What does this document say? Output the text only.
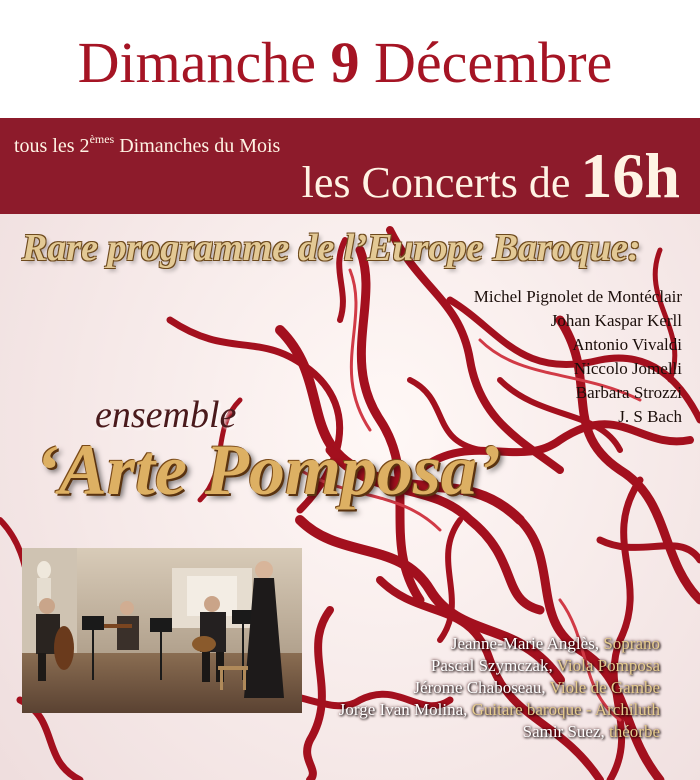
Dimanche 9 Décembre
tous les 2èmes Dimanches du Mois
les Concerts de 16h
Rare programme de l’Europe Baroque:
Michel Pignolet de Montéclair
Johan Kaspar Kerll
Antonio Vivaldi
Niccolo Jomelli
Barbara Strozzi
J. S Bach
ensemble
‘Arte Pomposa’
Jeanne-Marie Anglès, Soprano
Pascal Szymczak, Viola Pomposa
Jérome Chaboseau, Viole de Gambe
Jorge Ivan Molina, Guitare baroque - Archiluth
Samir Suez, théorbe
